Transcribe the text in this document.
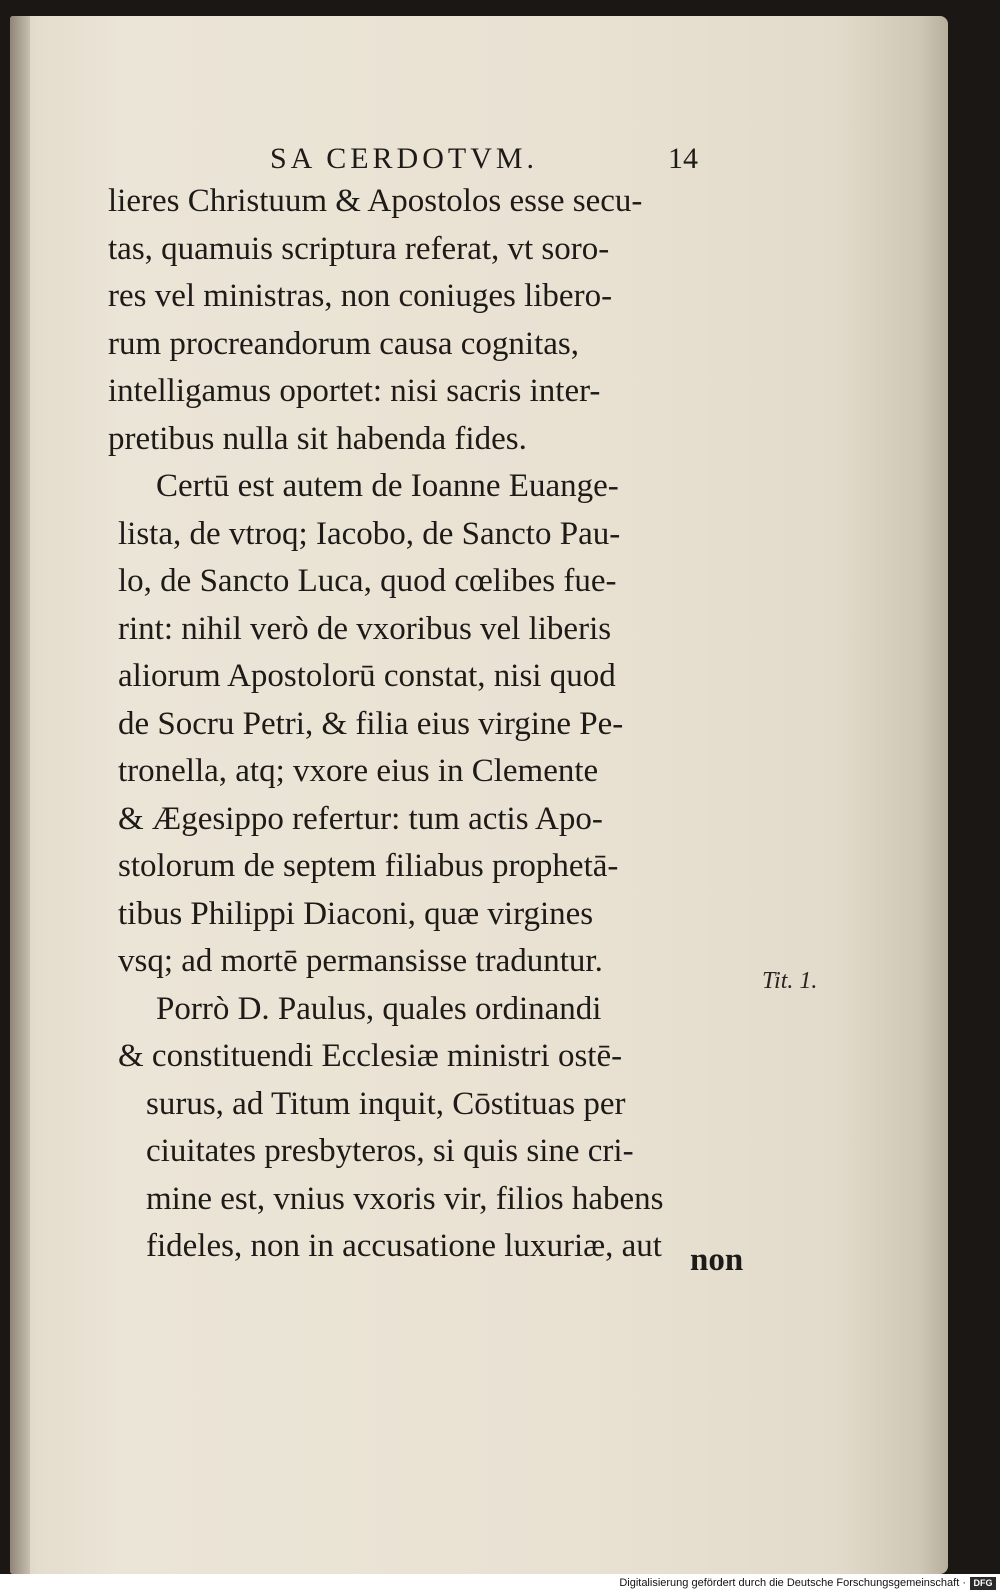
SA CERDOTVM.	14
lieres Christuum & Apostolos esse secu-
tas, quamuis scriptura referat, vt soro-
res vel ministras, non coniuges libero-
rum procreandorum causa cognitas,
intelligamus oportet: nisi sacris inter-
pretibus nulla sit habenda fides.
Certū est autem de Ioanne Euange-
lista, de vtroq; Iacobo, de Sancto Pau-
lo, de Sancto Luca, quod cœlibes fue-
rint: nihil verò de vxoribus vel liberis
aliorum Apostolorū constat, nisi quod
de Socru Petri, & filia eius virgine Pe-
tronella, atq; vxore eius in Clemente
& Ægesippo refertur: tum actis Apo-
stolorum de septem filiabus prophetā-
tibus Philippi Diaconi, quæ virgines
vsq; ad mortē permansisse traduntur.
Porrò D. Paulus, quales ordinandi
& constituendi Ecclesiæ ministri ostē-
surus, ad Titum inquit, Cōstituas per
ciuitates presbyteros, si quis sine cri-
mine est, vnius vxoris vir, filios habens
fideles, non in accusatione luxuriæ, aut non
Tit. 1.
Digitalisierung gefördert durch die Deutsche Forschungsgemeinschaft · DFG
